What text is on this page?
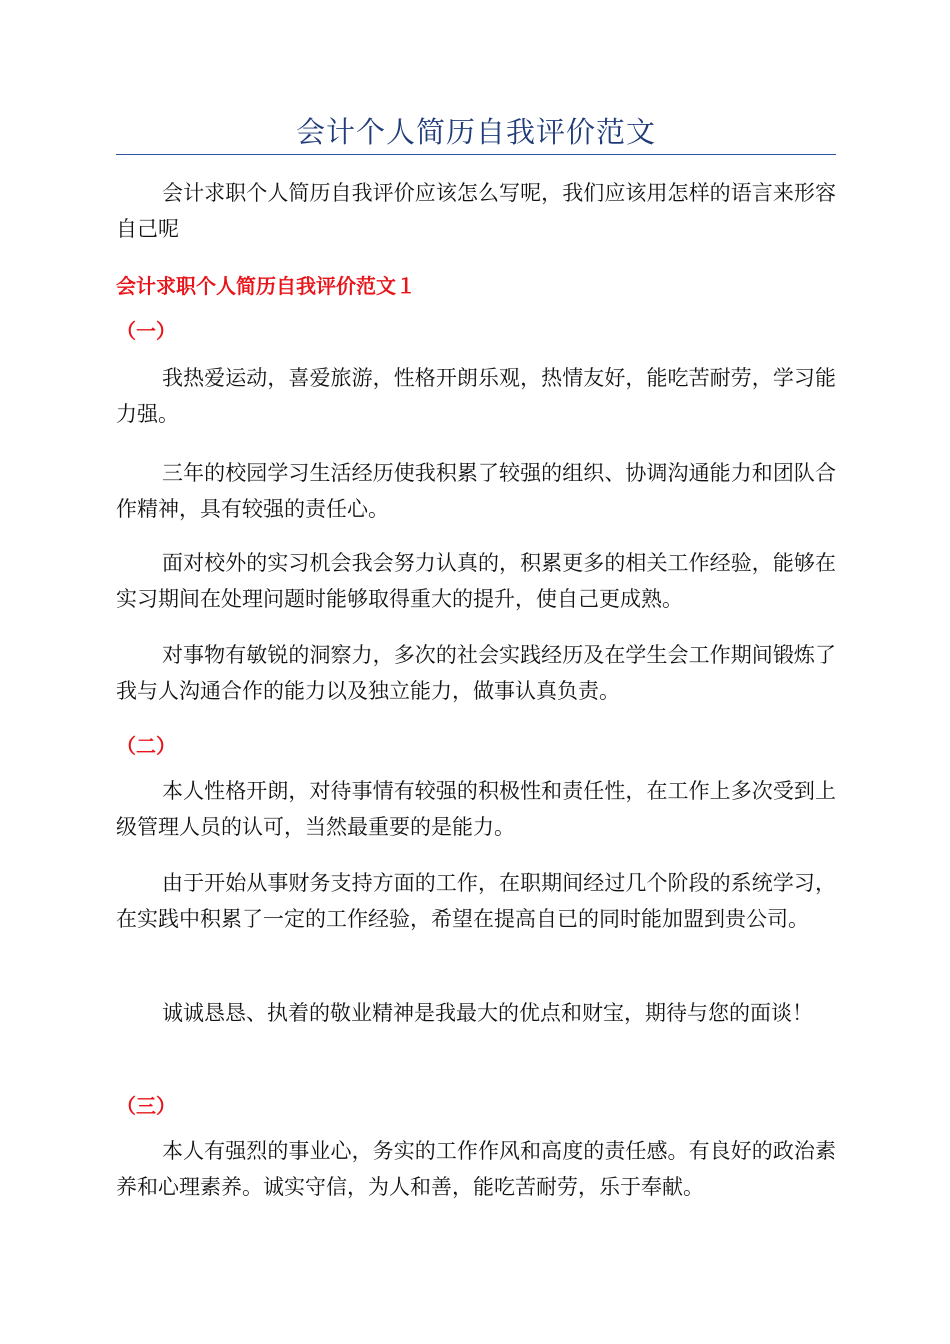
会计个人简历自我评价范文

会计求职个人简历自我评价应该怎么写呢，我们应该用怎样的语言来形容自己呢

会计求职个人简历自我评价范文１
（一）

我热爱运动，喜爱旅游，性格开朗乐观，热情友好，能吃苦耐劳，学习能力强。

三年的校园学习生活经历使我积累了较强的组织、协调沟通能力和团队合作精神，具有较强的责任心。

面对校外的实习机会我会努力认真的，积累更多的相关工作经验，能够在实习期间在处理问题时能够取得重大的提升，使自己更成熟。

对事物有敏锐的洞察力，多次的社会实践经历及在学生会工作期间锻炼了我与人沟通合作的能力以及独立能力，做事认真负责。

（二）

本人性格开朗，对待事情有较强的积极性和责任性，在工作上多次受到上级管理人员的认可，当然最重要的是能力。

由于开始从事财务支持方面的工作，在职期间经过几个阶段的系统学习，在实践中积累了一定的工作经验，希望在提高自已的同时能加盟到贵公司。

诚诚恳恳、执着的敬业精神是我最大的优点和财宝，期待与您的面谈！

（三）

本人有强烈的事业心，务实的工作作风和高度的责任感。有良好的政治素养和心理素养。诚实守信，为人和善，能吃苦耐劳，乐于奉献。
